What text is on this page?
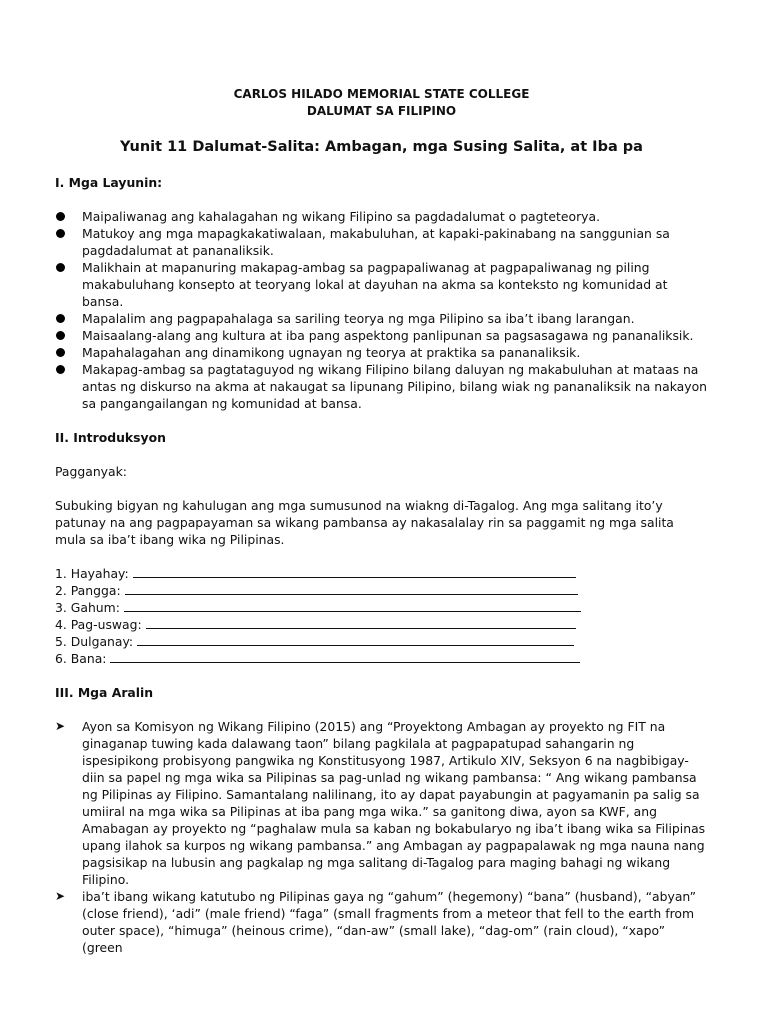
CARLOS HILADO MEMORIAL STATE COLLEGE
DALUMAT SA FILIPINO
Yunit 11 Dalumat-Salita: Ambagan, mga Susing Salita, at Iba pa
I. Mga Layunin:
Maipaliwanag ang kahalagahan ng wikang Filipino sa pagdadalumat o pagteteorya.
Matukoy ang mga mapagkakatiwalaan, makabuluhan, at kapaki-pakinabang na sanggunian sa pagdadalumat at pananaliksik.
Malikhain at mapanuring makapag-ambag sa pagpapaliwanag at pagpapaliwanag ng piling makabuluhang konsepto at teoryang lokal at dayuhan na akma sa konteksto ng komunidad at bansa.
Mapalalim ang pagpapahalaga sa sariling teorya ng mga Pilipino sa iba’t ibang larangan.
Maisaalang-alang ang kultura at iba pang aspektong panlipunan sa pagsasagawa ng pananaliksik.
Mapahalagahan ang dinamikong ugnayan ng teorya at praktika sa pananaliksik.
Makapag-ambag sa pagtataguyod ng wikang Filipino bilang daluyan ng makabuluhan at mataas na antas ng diskurso na akma at nakaugat sa lipunang Pilipino, bilang wiak ng pananaliksik na nakayon sa pangangailangan ng komunidad at bansa.
II. Introduksyon

Pagganyak:

Subuking bigyan ng kahulugan ang mga sumusunod na wiakng di-Tagalog. Ang mga salitang ito’y patunay na ang pagpapayaman sa wikang pambansa ay nakasalalay rin sa paggamit ng mga salita mula sa iba’t ibang wika ng Pilipinas.

1. Hayahay:
2. Pangga:
3. Gahum:
4. Pag-uswag:
5. Dulganay:
6. Bana:
III. Mga Aralin
➤ Ayon sa Komisyon ng Wikang Filipino (2015) ang “Proyektong Ambagan ay proyekto ng FIT na ginaganap tuwing kada dalawang taon” bilang pagkilala at pagpapatupad sahangarin ng ispesipikong probisyong pangwika ng Konstitusyong 1987, Artikulo XIV, Seksyon 6 na nagbibigay-diin sa papel ng mga wika sa Pilipinas sa pag-unlad ng wikang pambansa: “ Ang wikang pambansa ng Pilipinas ay Filipino. Samantalang nalilinang, ito ay dapat payabungin at pagyamanin pa salig sa umiiral na mga wika sa Pilipinas at iba pang mga wika.” sa ganitong diwa, ayon sa KWF, ang Amabagan ay proyekto ng “paghalaw mula sa kaban ng bokabularyo ng iba’t ibang wika sa Filipinas upang ilahok sa kurpos ng wikang pambansa.” ang Ambagan ay pagpapalawak ng mga nauna nang pagsisikap na lubusin ang pagkalap ng mga salitang di-Tagalog para maging bahagi ng wikang Filipino.
➤ iba’t ibang wikang katutubo ng Pilipinas gaya ng “gahum” (hegemony) “bana” (husband), “abyan” (close friend), ‘adi” (male friend) “faga” (small fragments from a meteor that fell to the earth from outer space), “himuga” (heinous crime), “dan-aw” (small lake), “dag-om” (rain cloud), “xapo” (green
